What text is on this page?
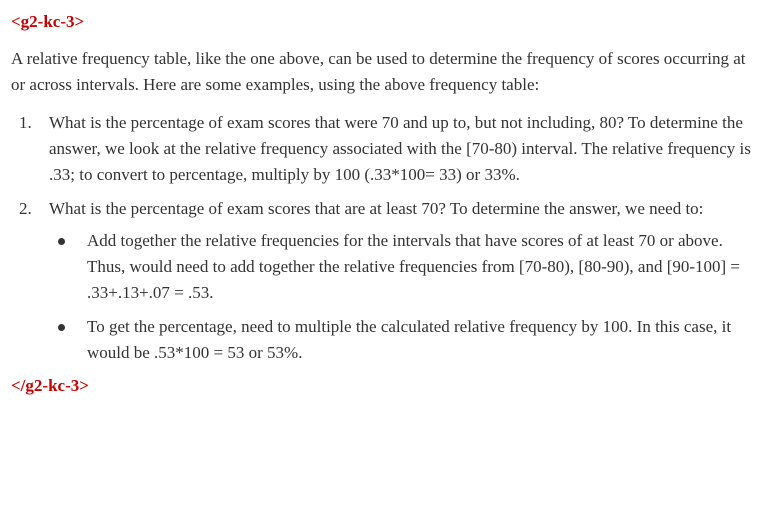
<g2-kc-3>

A relative frequency table, like the one above, can be used to determine the frequency of scores occurring at or across intervals. Here are some examples, using the above frequency table:

1. What is the percentage of exam scores that were 70 and up to, but not including, 80? To determine the answer, we look at the relative frequency associated with the [70-80) interval. The relative frequency is .33; to convert to percentage, multiply by 100 (.33*100= 33) or 33%.
2. What is the percentage of exam scores that are at least 70? To determine the answer, we need to:
Add together the relative frequencies for the intervals that have scores of at least 70 or above. Thus, would need to add together the relative frequencies from [70-80), [80-90), and [90-100] = .33+.13+.07 = .53.
To get the percentage, need to multiple the calculated relative frequency by 100. In this case, it would be .53*100 = 53 or 53%.
</g2-kc-3>
